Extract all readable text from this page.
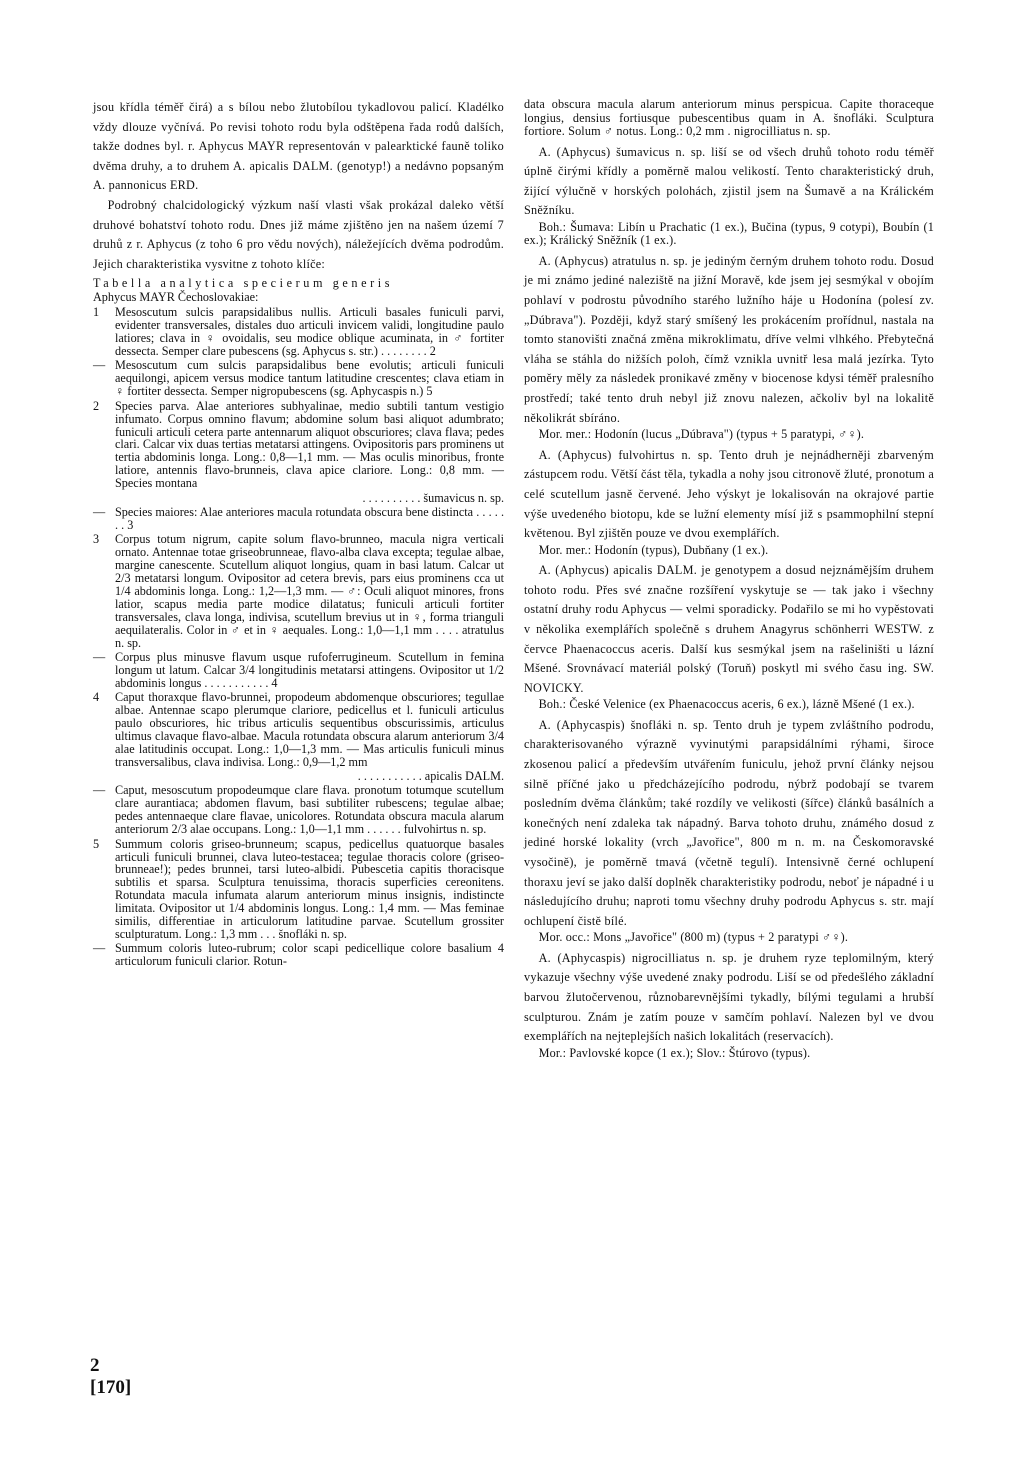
jsou křídla téměř čirá) a s bílou nebo žlutobílou tykadlovou palicí. Kladélko vždy dlouze vyčnívá. Po revisi tohoto rodu byla odštěpena řada rodů dalších, takže dodnes byl. r. Aphycus MAYR representován v palearktické fauně toliko dvěma druhy, a to druhem A. apicalis DALM. (genotyp!) a nedávno popsaným A. pannonicus ERD.

Podrobný chalcidologický výzkum naší vlasti však prokázal daleko větší druhové bohatství tohoto rodu. Dnes již máme zjištěno jen na našem území 7 druhů z r. Aphycus (z toho 6 pro vědu nových), náležejících dvěma podrodům. Jejich charakteristika vysvitne z tohoto klíče:

Tabella analytica specierum generis

Aphycus MAYR Čechoslovakiae:

1 Mesoscutum sulcis parapsidalibus nullis. Articuli basales funiculi parvi, evidenter transversales, distales duo articuli invicem validi, longitudine paulo latiores; clava in ♀ ovoidalis, seu modice oblique acuminata, in ♂ fortiter dessecta. Semper clare pubescens (sg. Aphycus s. str.) . . . . . . . . 2

— Mesoscutum cum sulcis parapsidalibus bene evolutis; articuli funiculi aequilongi, apicem versus modice tantum latitudine crescentes; clava etiam in ♀ fortiter dessecta. Semper nigropubescens (sg. Aphycaspis n.) 5

2 Species parva. Alae anteriores subhyalinae, medio subtili tantum vestigio infumato. Corpus omnino flavum; abdomine solum basi aliquot adumbrato; funiculi articuli cetera parte antennarum aliquot obscuriores; clava flava; pedes clari. Calcar vix duas tertias metatarsi attingens. Ovipositoris pars prominens ut tertia abdominis longa. Long.: 0,8—1,1 mm. — Mas oculis minoribus, fronte latiore, antennis flavo-brunneis, clava apice clariore. Long.: 0,8 mm. — Species montana

. . . . . . . . . . šumavicus n. sp.

— Species maiores: Alae anteriores macula rotundata obscura bene distincta . . . . . . . 3

3 Corpus totum nigrum, capite solum flavo-brunneo, macula nigra verticali ornato. Antennae totae griseobrunneae, flavo-alba clava excepta; tegulae albae, margine canescente. Scutellum aliquot longius, quam in basi latum. Calcar ut 2/3 metatarsi longum. Ovipositor ad cetera brevis, pars eius prominens cca ut 1/4 abdominis longa. Long.: 1,2—1,3 mm. — ♂: Oculi aliquot minores, frons latior, scapus media parte modice dilatatus; funiculi articuli fortiter transversales, clava longa, indivisa, scutellum brevius ut in ♀, forma trianguli aequilateralis. Color in ♂ et in ♀ aequales. Long.: 1,0—1,1 mm . . . . atratulus n. sp.

— Corpus plus minusve flavum usque rufoferrugineum. Scutellum in femina longum ut latum. Calcar 3/4 longitudinis metatarsi attingens. Ovipositor ut 1/2 abdominis longus . . . . . . . . . . . 4

4 Caput thoraxque flavo-brunnei, propodeum abdomenque obscuriores; tegullae albae. Antennae scapo plerumque clariore, pedicellus et l. funiculi articulus paulo obscuriores, hic tribus articulis sequentibus obscurissimis, articulus ultimus clavaque flavo-albae. Macula rotundata obscura alarum anteriorum 3/4 alae latitudinis occupat. Long.: 1,0—1,3 mm. — Mas articulis funiculi minus transversalibus, clava indivisa. Long.: 0,9—1,2 mm

. . . . . . . . . . . apicalis DALM.

— Caput, mesoscutum propodeumque clare flava. pronotum totumque scutellum clare aurantiaca; abdomen flavum, basi subtiliter rubescens; tegulae albae; pedes antennaeque clare flavae, unicolores. Rotundata obscura macula alarum anteriorum 2/3 alae occupans. Long.: 1,0—1,1 mm . . . . . . fulvohirtus n. sp.

5 Summum coloris griseo-brunneum; scapus, pedicellus quatuorque basales articuli funiculi brunnei, clava luteo-testacea; tegulae thoracis colore (griseo-brunneae!); pedes brunnei, tarsi luteo-albidi. Pubescetia capitis thoracisque subtilis et sparsa. Sculptura tenuissima, thoracis superficies cereonitens. Rotundata macula infumata alarum anteriorum minus insignis, indistincte limitata. Ovipositor ut 1/4 abdominis longus. Long.: 1,4 mm. — Mas feminae similis, differentiae in articulorum latitudine parvae. Scutellum grossiter sculpturatum. Long.: 1,3 mm . . . šnofláki n. sp.

— Summum coloris luteo-rubrum; color scapi pedicellique colore basalium 4 articulorum funiculi clarior. Rotun-

data obscura macula alarum anteriorum minus perspicua. Capite thoraceque longius, densius fortiusque pubescentibus quam in A. šnofláki. Sculptura fortiore. Solum ♂ notus. Long.: 0,2 mm . nigrocilliatus n. sp.

A. (Aphycus) šumavicus n. sp. liší se od všech druhů tohoto rodu téměř úplně čirými křídly a poměrně malou velikostí. Tento charakteristický druh, žijící výlučně v horských polohách, zjistil jsem na Šumavě a na Králickém Sněžníku.

Boh.: Šumava: Libín u Prachatic (1 ex.), Bučina (typus, 9 cotypi), Boubín (1 ex.); Králický Sněžník (1 ex.).

A. (Aphycus) atratulus n. sp. je jediným černým druhem tohoto rodu. Dosud je mi známo jediné naleziště na jižní Moravě, kde jsem jej sesmýkal v obojím pohlaví v podrostu původního starého lužního háje u Hodonína (polesí zv. „Dúbrava"). Později, když starý smíšený les prokácením prořídnul, nastala na tomto stanovišti značná změna mikroklimatu, dříve velmi vlhkého. Přebytečná vláha se stáhla do nižších poloh, čímž vznikla uvnitř lesa malá jezírka. Tyto poměry měly za následek pronikavé změny v biocenose kdysi téměř pralesního prostředí; také tento druh nebyl již znovu nalezen, ačkoliv byl na lokalitě několikrát sbíráno.

Mor. mer.: Hodonín (lucus „Dúbrava") (typus + 5 paratypi, ♂♀).

A. (Aphycus) fulvohirtus n. sp. Tento druh je nejnádherněji zbarveným zástupcem rodu. Větší část těla, tykadla a nohy jsou citronově žluté, pronotum a celé scutellum jasně červené. Jeho výskyt je lokalisován na okrajové partie výše uvedeného biotopu, kde se lužní elementy mísí již s psammophilní stepní květenou. Byl zjištěn pouze ve dvou exemplářích.

Mor. mer.: Hodonín (typus), Dubňany (1 ex.).

A. (Aphycus) apicalis DALM. je genotypem a dosud nejznámějším druhem tohoto rodu. Přes své značne rozšíření vyskytuje se — tak jako i všechny ostatní druhy rodu Aphycus — velmi sporadicky. Podařilo se mi ho vypěstovati v několika exemplářích společně s druhem Anagyrus schönherri WESTW. z červce Phaenacoccus aceris. Další kus sesmýkal jsem na rašeliništi u lázní Mšené. Srovnávací materiál polský (Toruň) poskytl mi svého času ing. SW. NOVICKY.

Boh.: České Velenice (ex Phaenacoccus aceris, 6 ex.), lázně Mšené (1 ex.).

A. (Aphycaspis) šnofláki n. sp. Tento druh je typem zvláštního podrodu, charakterisovaného výrazně vyvinutými parapsidálními rýhami, široce zkosenou palicí a především utvářením funiculu, jehož první články nejsou silně příčné jako u předcházejícího podrodu, nýbrž podobají se tvarem posledním dvěma článkům; také rozdíly ve velikosti (šířce) článků basálních a konečných není zdaleka tak nápadný. Barva tohoto druhu, známého dosud z jediné horské lokality (vrch „Javořice", 800 m n. m. na Českomoravské vysočině), je poměrně tmavá (včetně tegulí). Intensivně černé ochlupení thoraxu jeví se jako další doplněk charakteristiky podrodu, neboť je nápadné i u následujícího druhu; naproti tomu všechny druhy podrodu Aphycus s. str. mají ochlupení čistě bílé.

Mor. occ.: Mons „Javořice" (800 m) (typus + 2 paratypi ♂♀).

A. (Aphycaspis) nigrocilliatus n. sp. je druhem ryze teplomilným, který vykazuje všechny výše uvedené znaky podrodu. Liší se od předešlého základní barvou žlutočervenou, různobarevnějšími tykadly, bílými tegulami a hrubší sculpturou. Znám je zatím pouze v samčím pohlaví. Nalezen byl ve dvou exemplářích na nejteplejších našich lokalitách (reservacích).

Mor.: Pavlovské kopce (1 ex.); Slov.: Štúrovo (typus).

2
[170]
